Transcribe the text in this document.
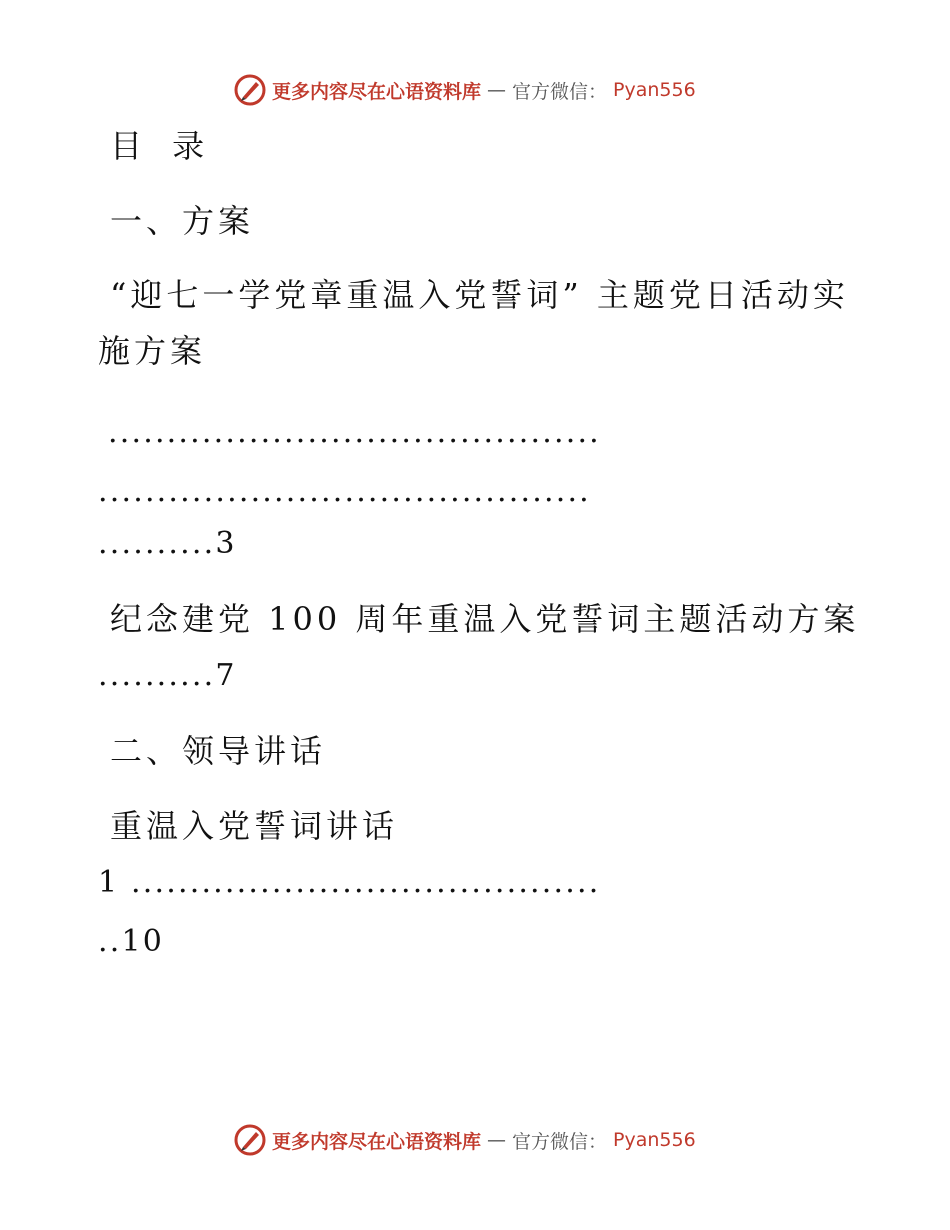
更多内容尽在心语资料库 — 官方微信： Pyan556
目 录
一、方案
“迎七一学党章重温入党誓词” 主题党日活动实
施方案
..........................................
..........................................
..........3
纪念建党 100 周年重温入党誓词主题活动方案
..........7
二、领导讲话
重温入党誓词讲话
1 ........................................
..10
更多内容尽在心语资料库 — 官方微信： Pyan556
